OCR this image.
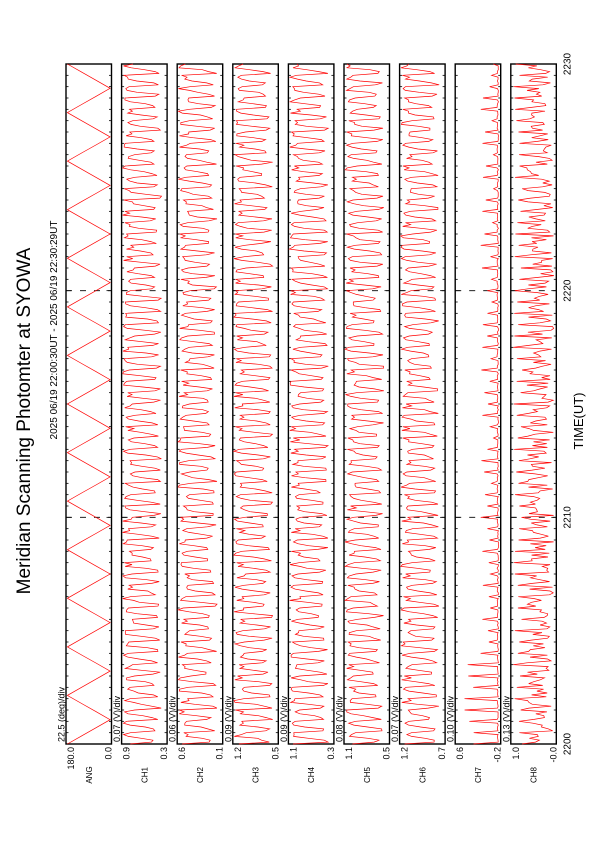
Meridian Scanning Photomter at SYOWA 2025 06/19 22:00:30UT - 2025 06/19 22:30:29UT
180.0	0.0
ANG
22.5 (deg)/div
0.9	0.3
CH1
0.07 (V)/div
0.6	0.1
CH2
0.06 (V)/div
1.2	0.5
CH3
0.09 (V)/div
1.1	0.3
CH4
0.09 (V)/div
1.1	0.5
CH5
0.08 (V)/div
1.2	0.7
CH6
0.07 (V)/div
0.6	-0.2
CH7
0.10 (V)/div
1.0	-0.0
CH8
0.13 (V)/div
2200
2210
2220
2230
TIME(UT)
